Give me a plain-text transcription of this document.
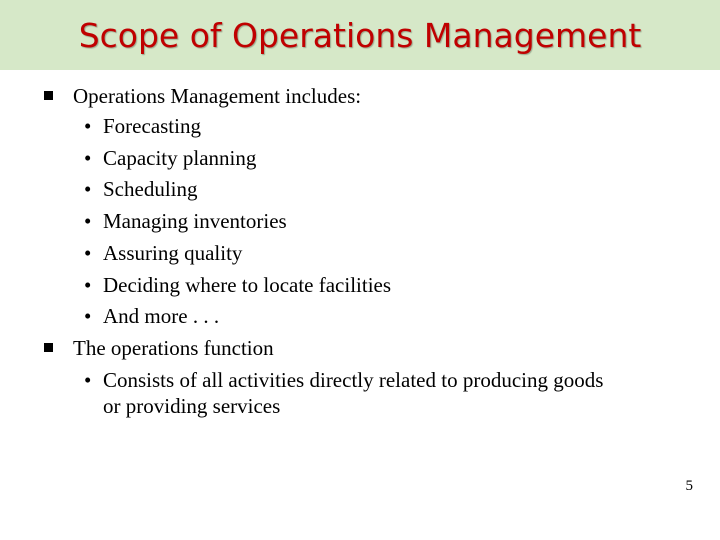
Scope of Operations Management
Operations Management includes:
• Forecasting
• Capacity planning
• Scheduling
• Managing inventories
• Assuring quality
• Deciding where to locate facilities
• And more . . .
The operations function
• Consists of all activities directly related to producing goods
or providing services
5
